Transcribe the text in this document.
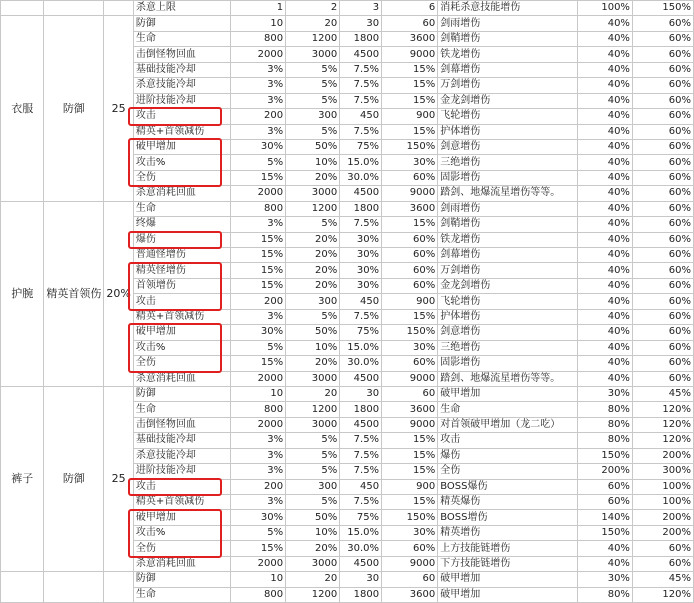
			杀意上限	1	2	3	6	消耗杀意技能增伤	100%	150%
衣服	防御	25	防御	10	20	30	60	剑雨增伤	40%	60%
			生命	800	1200	1800	3600	剑鞘增伤	40%	60%
			击倒怪物回血	2000	3000	4500	9000	铁龙增伤	40%	60%
			基础技能冷却	3%	5%	7.5%	15%	剑幕增伤	40%	60%
			杀意技能冷却	3%	5%	7.5%	15%	万剑增伤	40%	60%
			进阶技能冷却	3%	5%	7.5%	15%	金龙剑增伤	40%	60%
			攻击	200	300	450	900	飞轮增伤	40%	60%
			精英+首领减伤	3%	5%	7.5%	15%	护体增伤	40%	60%
			破甲增加	30%	50%	75%	150%	剑意增伤	40%	60%
			攻击%	5%	10%	15.0%	30%	三绝增伤	40%	60%
			全伤	15%	20%	30.0%	60%	固影增伤	40%	60%
			杀意消耗回血	2000	3000	4500	9000	踏剑、地爆流星增伤等等。	40%	60%
护腕	精英首领伤	20%	生命	800	1200	1800	3600	剑雨增伤	40%	60%
			终爆	3%	5%	7.5%	15%	剑鞘增伤	40%	60%
			爆伤	15%	20%	30%	60%	铁龙增伤	40%	60%
			普通怪增伤	15%	20%	30%	60%	剑幕增伤	40%	60%
			精英怪增伤	15%	20%	30%	60%	万剑增伤	40%	60%
			首领增伤	15%	20%	30%	60%	金龙剑增伤	40%	60%
			攻击	200	300	450	900	飞轮增伤	40%	60%
			精英+首领减伤	3%	5%	7.5%	15%	护体增伤	40%	60%
			破甲增加	30%	50%	75%	150%	剑意增伤	40%	60%
			攻击%	5%	10%	15.0%	30%	三绝增伤	40%	60%
			全伤	15%	20%	30.0%	60%	固影增伤	40%	60%
			杀意消耗回血	2000	3000	4500	9000	踏剑、地爆流星增伤等等。	40%	60%
裤子	防御	25	防御	10	20	30	60	破甲增加	30%	45%
			生命	800	1200	1800	3600	生命	80%	120%
			击倒怪物回血	2000	3000	4500	9000	对首领破甲增加（龙二吃）	80%	120%
			基础技能冷却	3%	5%	7.5%	15%	攻击	80%	120%
			杀意技能冷却	3%	5%	7.5%	15%	爆伤	150%	200%
			进阶技能冷却	3%	5%	7.5%	15%	全伤	200%	300%
			攻击	200	300	450	900	BOSS爆伤	60%	100%
			精英+首领减伤	3%	5%	7.5%	15%	精英爆伤	60%	100%
			破甲增加	30%	50%	75%	150%	BOSS增伤	140%	200%
			攻击%	5%	10%	15.0%	30%	精英增伤	150%	200%
			全伤	15%	20%	30.0%	60%	上方技能链增伤	40%	60%
			杀意消耗回血	2000	3000	4500	9000	下方技能链增伤	40%	60%
			防御	10	20	30	60	破甲增加	30%	45%
			生命	800	1200	1800	3600	破甲增加	80%	120%
